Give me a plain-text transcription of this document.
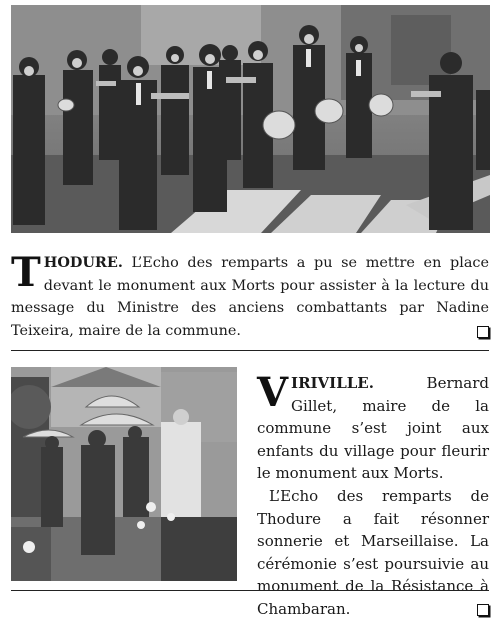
THODURE. L’Echo des remparts a pu se mettre en place devant le monument aux Morts pour assister à la lecture du message du Ministre des anciens combattants par Nadine Teixeira, maire de la commune.

VIRIVILLE. Bernard Gillet, maire de la commune s’est joint aux enfants du village pour fleurir le monument aux Morts.

L’Echo des remparts de Thodure a fait résonner sonnerie et Marseillaise. La cérémonie s’est poursuivie au monument de la Résistance à Chambaran.
